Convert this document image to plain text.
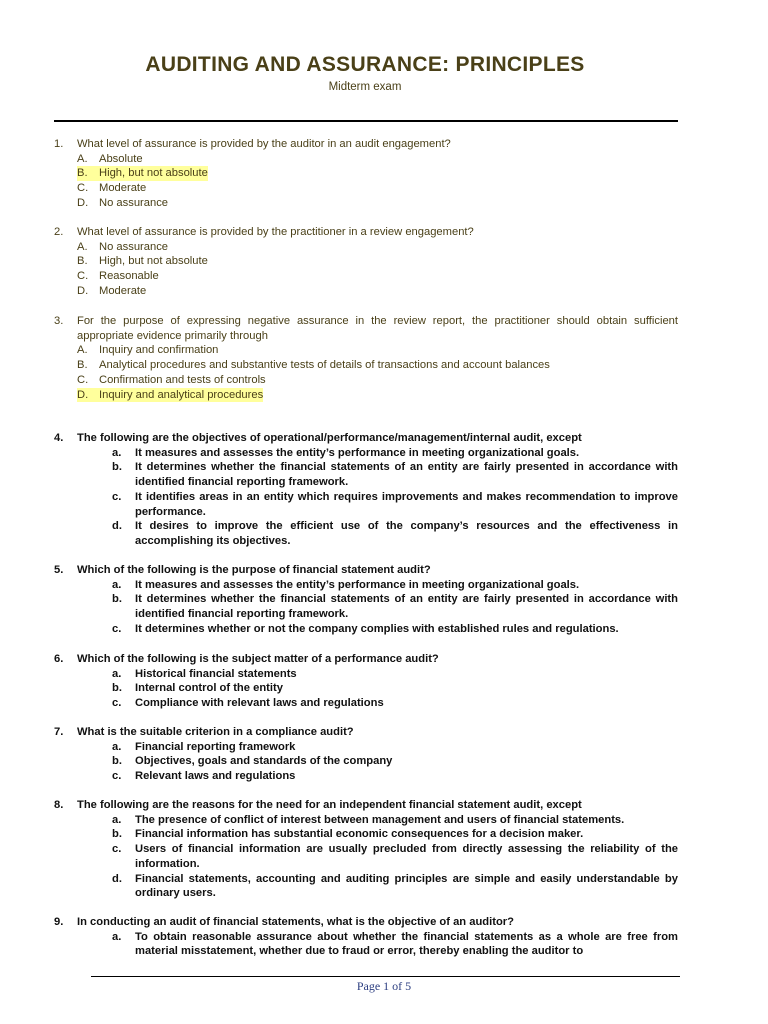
AUDITING AND ASSURANCE: PRINCIPLES
Midterm exam
1.	What level of assurance is provided by the auditor in an audit engagement?
A.	Absolute
B.	High, but not absolute
C. Moderate
D. No assurance
2.	What level of assurance is provided by the practitioner in a review engagement?
A.	No assurance
B.	High, but not absolute
C. Reasonable
D. Moderate
3.	For the purpose of expressing negative assurance in the review report, the practitioner should obtain sufficient appropriate evidence primarily through
A.	Inquiry and confirmation
B.	Analytical procedures and substantive tests of details of transactions and account balances
C. Confirmation and tests of controls
D. Inquiry and analytical procedures
4.	The following are the objectives of operational/performance/management/internal audit, except
a.	It measures and assesses the entity’s performance in meeting organizational goals.
b.	It determines whether the financial statements of an entity are fairly presented in accordance with identified financial reporting framework.
c.	It identifies areas in an entity which requires improvements and makes recommendation to improve performance.
d.	It desires to improve the efficient use of the company’s resources and the effectiveness in accomplishing its objectives.
5.	Which of the following is the purpose of financial statement audit?
a.	It measures and assesses the entity’s performance in meeting organizational goals.
b.	It determines whether the financial statements of an entity are fairly presented in accordance with identified financial reporting framework.
c.	It determines whether or not the company complies with established rules and regulations.
6.	Which of the following is the subject matter of a performance audit?
a.	Historical financial statements
b.	Internal control of the entity
c.	Compliance with relevant laws and regulations
7.	What is the suitable criterion in a compliance audit?
a.	Financial reporting framework
b.	Objectives, goals and standards of the company
c.	Relevant laws and regulations
8.	The following are the reasons for the need for an independent financial statement audit, except
a.	The presence of conflict of interest between management and users of financial statements.
b.	Financial information has substantial economic consequences for a decision maker.
c.	Users of financial information are usually precluded from directly assessing the reliability of the information.
d.	Financial statements, accounting and auditing principles are simple and easily understandable by ordinary users.
9.	In conducting an audit of financial statements, what is the objective of an auditor?
a.	To obtain reasonable assurance about whether the financial statements as a whole are free from material misstatement, whether due to fraud or error, thereby enabling the auditor to
Page 1 of 5
